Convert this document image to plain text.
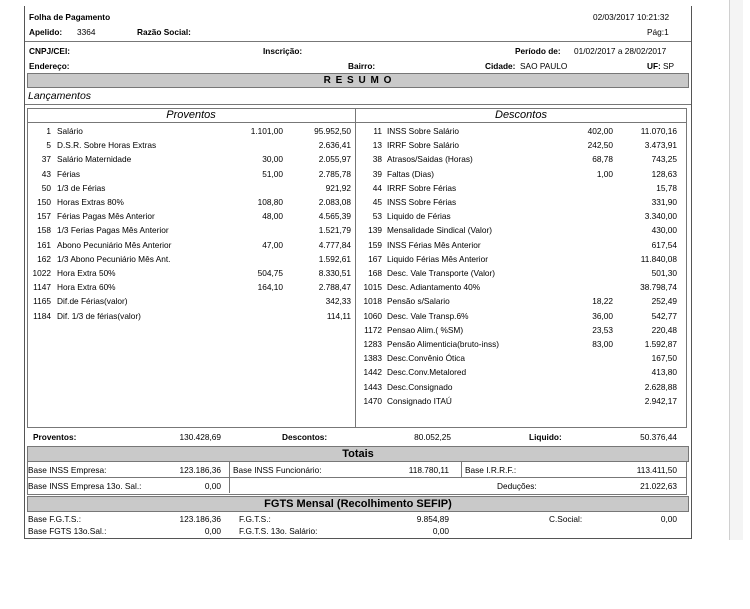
Folha de Pagamento	02/03/2017 10:21:32
Apelido: 3364	Razão Social:	Pág:1
CNPJ/CEI:	Inscrição:	Período de: 01/02/2017 a 28/02/2017
Endereço:	Bairro:	Cidade: SAO PAULO	UF: SP
R E S U M O
Lançamentos
Proventos	Descontos
1 Salário	1.101,00	95.952,50
5 D.S.R. Sobre Horas Extras	2.636,41
37 Salário Maternidade	30,00	2.055,97
43 Férias	51,00	2.785,78
50 1/3 de Férias	921,92
150 Horas Extras 80%	108,80	2.083,08
157 Férias Pagas Mês Anterior	48,00	4.565,39
158 1/3 Ferias Pagas Mês Anterior	1.521,79
161 Abono Pecuniário Mês Anterior	47,00	4.777,84
162 1/3 Abono Pecuniário Mês Ant.	1.592,61
1022 Hora Extra 50%	504,75	8.330,51
1147 Hora Extra 60%	164,10	2.788,47
1165 Dif.de Férias(valor)	342,33
1184 Dif. 1/3 de férias(valor)	114,11
11 INSS Sobre Salário	402,00	11.070,16
13 IRRF Sobre Salário	242,50	3.473,91
38 Atrasos/Saidas (Horas)	68,78	743,25
39 Faltas (Dias)	1,00	128,63
44 IRRF Sobre Férias	15,78
45 INSS Sobre Férias	331,90
53 Liquido de Férias	3.340,00
139 Mensalidade Sindical (Valor)	430,00
159 INSS Férias Mês Anterior	617,54
167 Liquido Férias Mês Anterior	11.840,08
168 Desc. Vale Transporte (Valor)	501,30
1015 Desc. Adiantamento 40%	38.798,74
1018 Pensão s/Salario	18,22	252,49
1060 Desc. Vale Transp.6%	36,00	542,77
1172 Pensao Alim.( %SM)	23,53	220,48
1283 Pensão Alimenticia(bruto-inss)	83,00	1.592,87
1383 Desc.Convênio Ótica	167,50
1442 Desc.Conv.Metalored	413,80
1443 Desc.Consignado	2.628,88
1470 Consignado ITAÚ	2.942,17
Proventos:	130.428,69	Descontos:	80.052,25	Liquido:	50.376,44
Totais
Base INSS Empresa:	123.186,36 Base INSS Funcionário:	118.780,11 Base I.R.R.F.:	113.411,50
Base INSS Empresa 13o. Sal.:	0,00	Deduções:	21.022,63
FGTS Mensal (Recolhimento SEFIP)
Base F.G.T.S.:	123.186,36 F.G.T.S.:	9.854,89	C.Social:	0,00
Base FGTS 13o.Sal.:	0,00 F.G.T.S. 13o. Salário:	0,00
